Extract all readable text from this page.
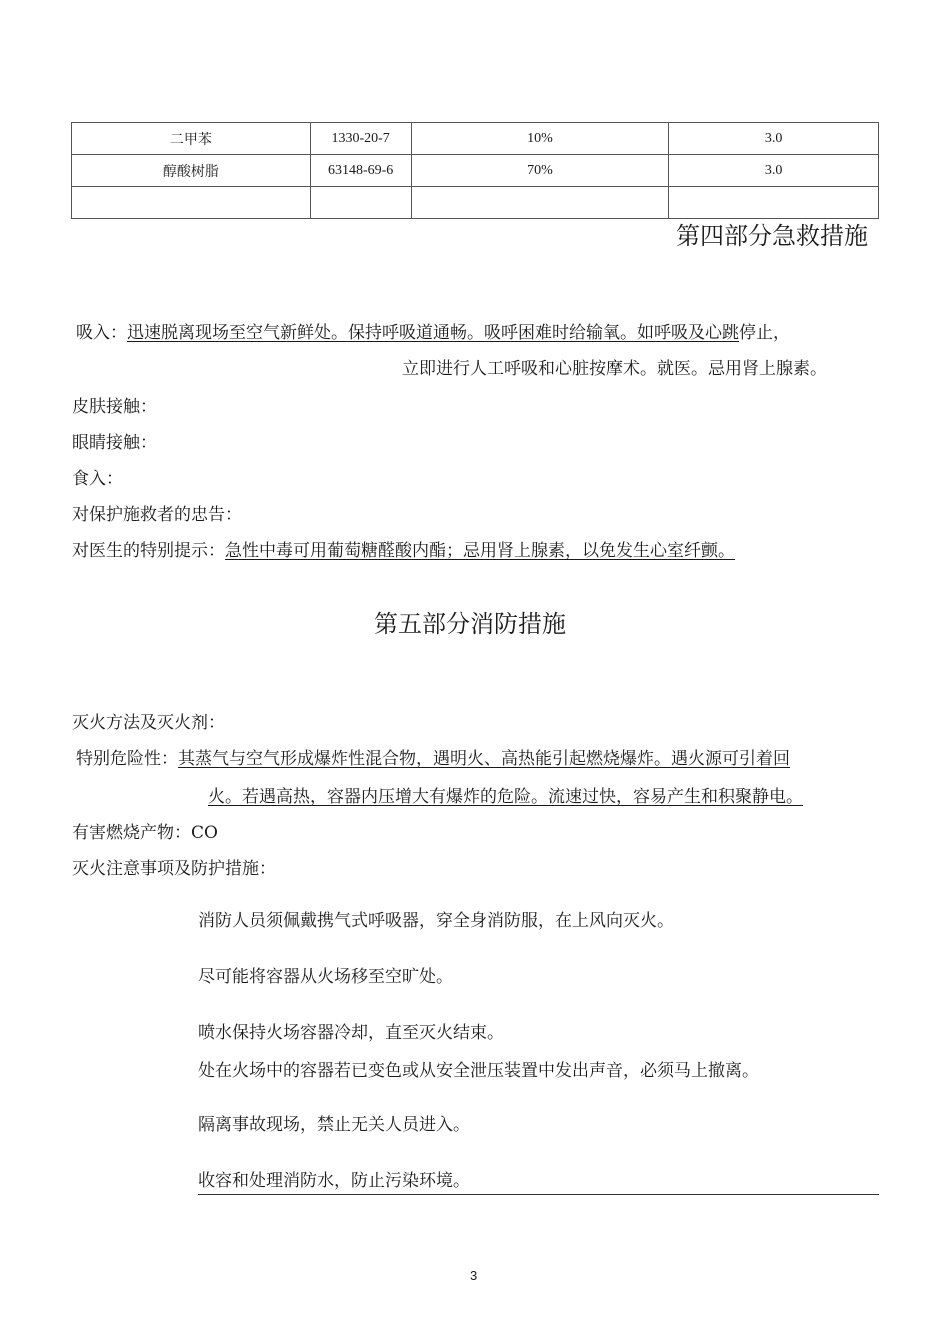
二甲苯	1330-20-7	10%	3.0
醇酸树脂	63148-69-6	70%	3.0

第四部分急救措施
吸入：迅速脱离现场至空气新鲜处。保持呼吸道通畅。吸呼困难时给输氧。如呼吸及心跳停止，
立即进行人工呼吸和心脏按摩术。就医。忌用肾上腺素。
皮肤接触：
眼睛接触：
食入：
对保护施救者的忠告：
对医生的特别提示：急性中毒可用葡萄糖醛酸内酯；忌用肾上腺素，以免发生心室纤颤。
第五部分消防措施
灭火方法及灭火剂：
特别危险性：其蒸气与空气形成爆炸性混合物，遇明火、高热能引起燃烧爆炸。遇火源可引着回
火。若遇高热，容器内压增大有爆炸的危险。流速过快，容易产生和积聚静电。
有害燃烧产物：CO
灭火注意事项及防护措施：
消防人员须佩戴携气式呼吸器，穿全身消防服，在上风向灭火。
尽可能将容器从火场移至空旷处。
喷水保持火场容器冷却，直至灭火结束。
处在火场中的容器若已变色或从安全泄压装置中发出声音，必须马上撤离。
隔离事故现场，禁止无关人员进入。
收容和处理消防水，防止污染环境。
3
